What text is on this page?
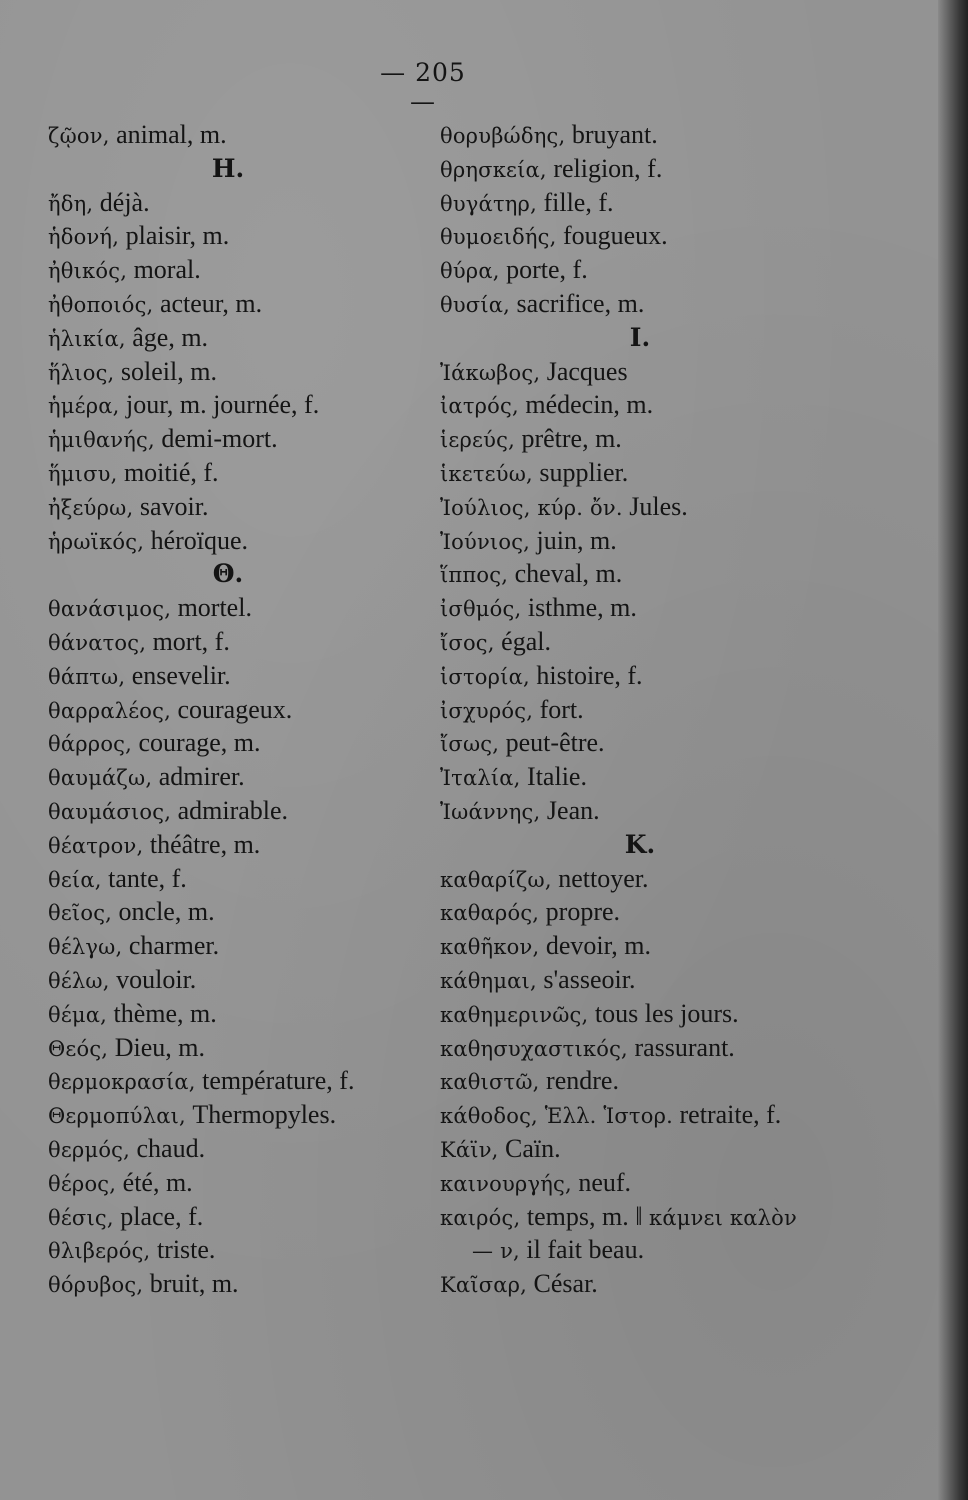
— 205 —
ζῷον, animal, m.
Η.
ἤδη, déjà.
ἡδονή, plaisir, m.
ἠθικός, moral.
ἠθοποιός, acteur, m.
ἡλικία, âge, m.
ἥλιος, soleil, m.
ἡμέρα, jour, m. journée, f.
ἡμιθανής, demi-mort.
ἥμισυ, moitié, f.
ἠξεύρω, savoir.
ἡρωϊκός, héroïque.
Θ.
θανάσιμος, mortel.
θάνατος, mort, f.
θάπτω, ensevelir.
θαρραλέος, courageux.
θάρρος, courage, m.
θαυμάζω, admirer.
θαυμάσιος, admirable.
θέατρον, théâtre, m.
θεία, tante, f.
θεῖος, oncle, m.
θέλγω, charmer.
θέλω, vouloir.
θέμα, thème, m.
Θεός, Dieu, m.
θερμοκρασία, température, f.
Θερμοπύλαι, Thermopyles.
θερμός, chaud.
θέρος, été, m.
θέσις, place, f.
θλιβερός, triste.
θόρυβος, bruit, m.
θορυβώδης, bruyant.
θρησκεία, religion, f.
θυγάτηρ, fille, f.
θυμοειδής, fougueux.
θύρα, porte, f.
θυσία, sacrifice, m.
I.
Ἰάκωβος, Jacques
ἰατρός, médecin, m.
ἱερεύς, prêtre, m.
ἱκετεύω, supplier.
Ἰούλιος, κύρ. ὄν. Jules.
Ἰούνιος, juin, m.
ἵππος, cheval, m.
ἰσθμός, isthme, m.
ἴσος, égal.
ἱστορία, histoire, f.
ἰσχυρός, fort.
ἴσως, peut-être.
Ἰταλία, Italie.
Ἰωάννης, Jean.
K.
καθαρίζω, nettoyer.
καθαρός, propre.
καθῆκον, devoir, m.
κάθημαι, s'asseoir.
καθημερινῶς, tous les jours.
καθησυχαστικός, rassurant.
καθιστῶ, rendre.
κάθοδος, Ἑλλ. Ἱστορ. retraite, f.
Κάϊν, Caïn.
καινουργής, neuf.
καιρός, temps, m. ‖ κάμνει καλὸν
— ν, il fait beau.
Καῖσαρ, César.
